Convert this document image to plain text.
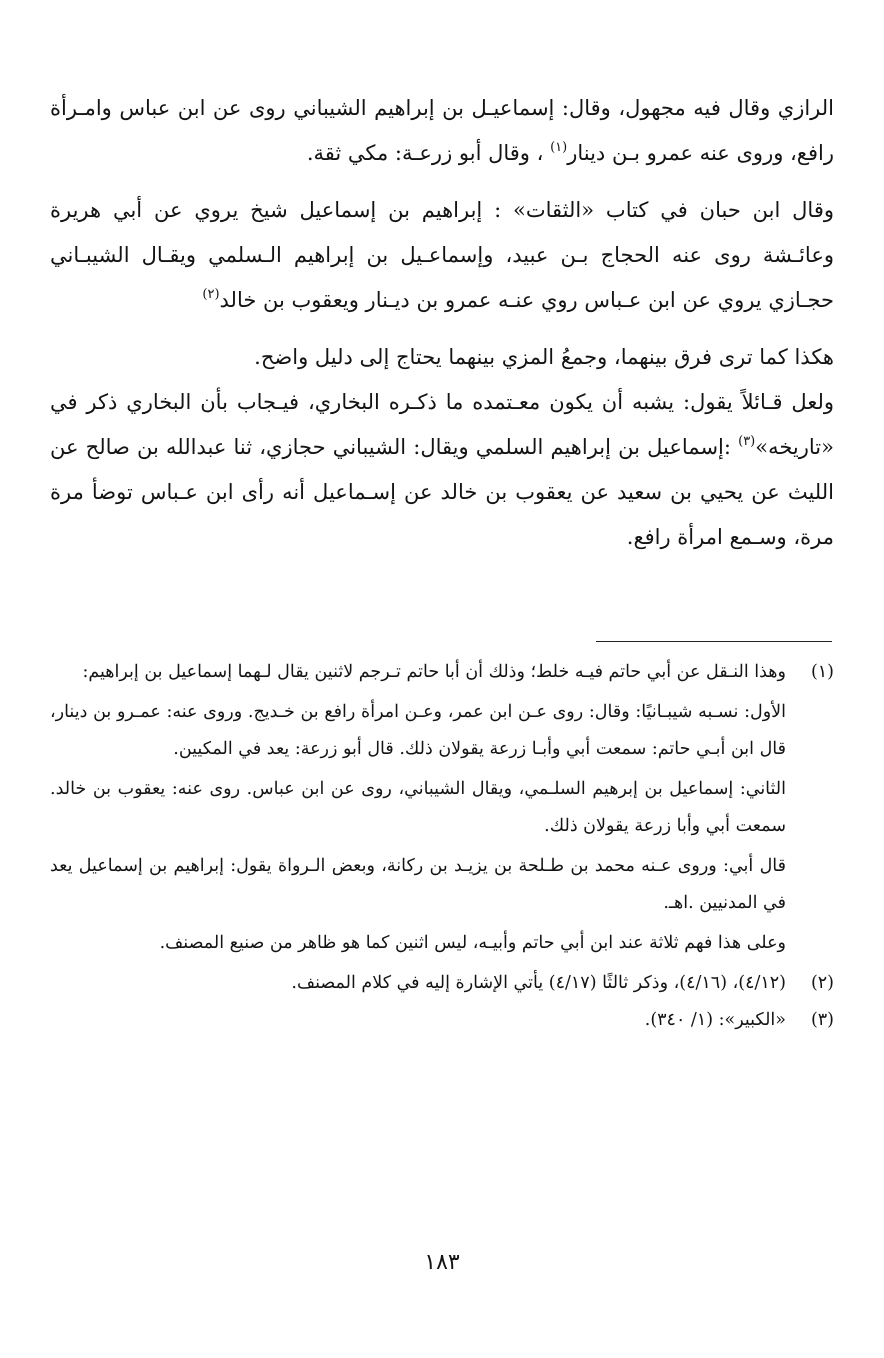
الرازي وقال فيه مجهول، وقال: إسماعيـل بن إبراهيم الشيباني روى عن ابن عباس وامـرأة رافع، وروى عنه عمرو بـن دينار$^{(١)}$ ، وقال أبو زرعـة: مكي ثقة.

وقال ابن حبان في كتاب «الثقات» : إبراهيم بن إسماعيل شيخ يروي عن أبي هريرة وعائـشة روى عنه الحجاج بـن عبيد، وإسماعـيل بن إبراهيم الـسلمي ويقـال الشيبـاني حجـازي يروي عن ابن عـباس روي عنـه عمرو بن ديـنار ويعقوب بن خالد$^{(٢)}$

هكذا كما ترى فرق بينهما، وجمعُ المزي بينهما يحتاج إلى دليل واضح.

ولعل قـائلاً يقول: يشبه أن يكون معـتمده ما ذكـره البخاري، فيـجاب بأن البخاري ذكر في «تاريخه»$^{(٣)}$ :إسماعيل بن إبراهيم السلمي ويقال: الشيباني حجازي، ثنا عبدالله بن صالح عن الليث عن يحيي بن سعيد عن يعقوب بن خالد عن إسـماعيل أنه رأى ابن عـباس توضأ مرة مرة، وسـمع امرأة رافع.

(١)

وهذا النـقل عن أبي حاتم فيـه خلط؛ وذلك أن أبا حاتم تـرجم لاثنين يقال لـهما إسماعيل بن إبراهيم:

الأول: نسـبه شيبـانيًا: وقال: روى عـن ابن عمر، وعـن امرأة رافع بن خـديج. وروى عنه: عمـرو بن دينار، قال ابن أبـي حاتم: سمعت أبي وأبـا زرعة يقولان ذلك. قال أبو زرعة: يعد في المكيين.

الثاني: إسماعيل بن إبرهيم السلـمي، ويقال الشيباني، روى عن ابن عباس. روى عنه: يعقوب بن خالد. سمعت أبي وأبا زرعة يقولان ذلك.

قال أبي: وروى عـنه محمد بن طـلحة بن يزيـد بن ركانة، وبعض الـرواة يقول: إبراهيم بن إسماعيل يعد في المدنيين .اهـ.

وعلى هذا فهم ثلاثة عند ابن أبي حاتم وأبيـه، ليس اثنين كما هو ظاهر من صنيع المصنف.

(٢)
(٤/١٢)، (٤/١٦)، وذكر ثالثًا (٤/١٧) يأتي الإشارة إليه في كلام المصنف.
(٣)
«الكبير»: (١/ ٣٤٠).
١٨٣
